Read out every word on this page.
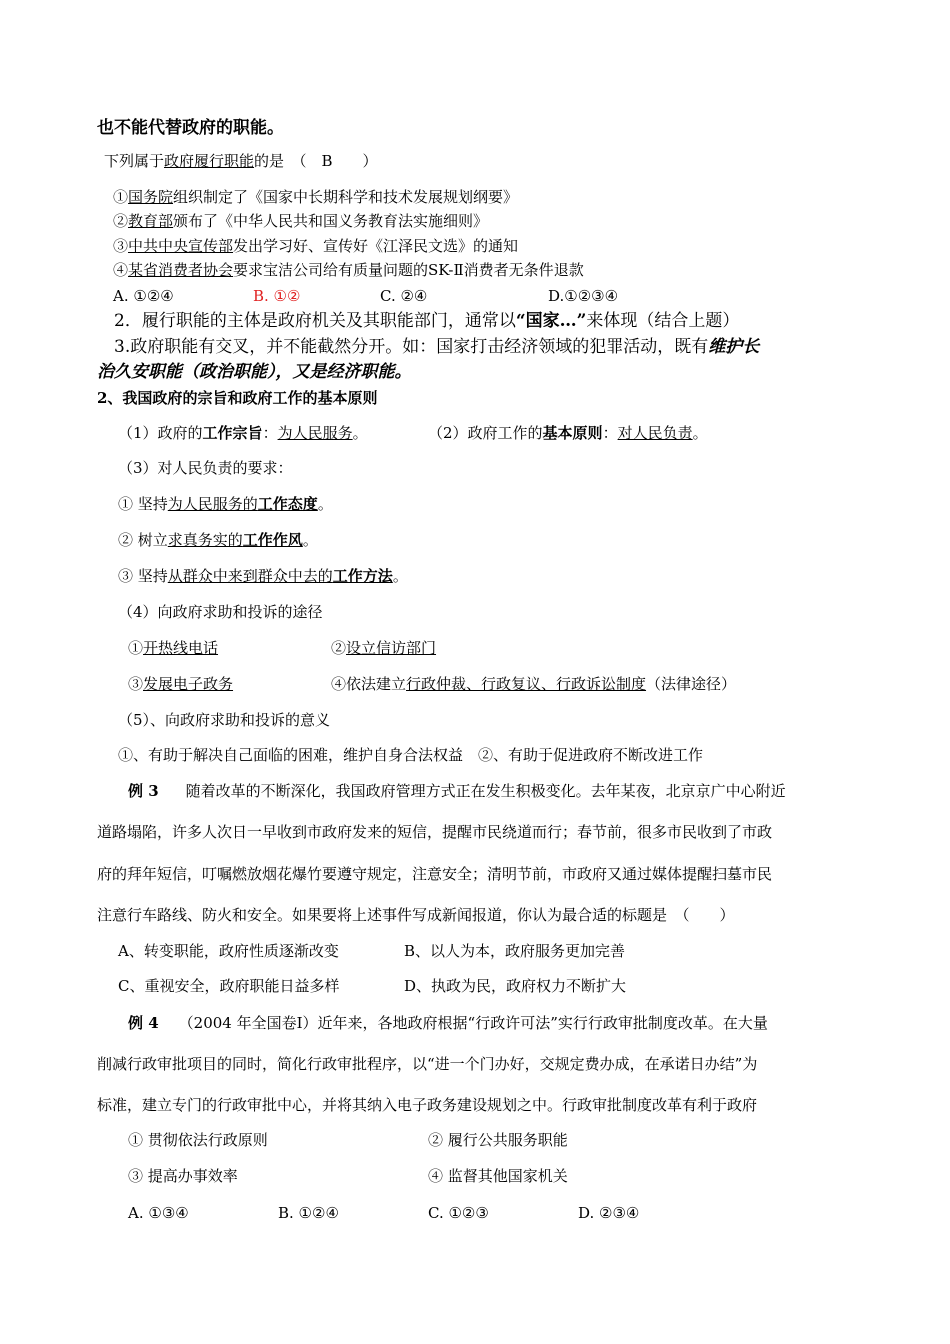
也不能代替政府的职能。
下列属于政府履行职能的是　（　B　　）
①国务院组织制定了《国家中长期科学和技术发展规划纲要》
②教育部颁布了《中华人民共和国义务教育法实施细则》
③中共中央宣传部发出学习好、宣传好《江泽民文选》的通知
④某省消费者协会要求宝洁公司给有质量问题的SK-Ⅱ消费者无条件退款
A. ①②④	B. ①②	C. ②④	D.①②③④
2．履行职能的主体是政府机关及其职能部门，通常以“国家…”来体现（结合上题）
3.政府职能有交叉，并不能截然分开。如：国家打击经济领域的犯罪活动，既有维护长
治久安职能（政治职能），又是经济职能。
2、我国政府的宗旨和政府工作的基本原则
（1）政府的工作宗旨：为人民服务。	（2）政府工作的基本原则：对人民负责。
（3）对人民负责的要求：
① 坚持为人民服务的工作态度。
② 树立求真务实的工作作风。
③ 坚持从群众中来到群众中去的工作方法。
（4）向政府求助和投诉的途径
①开热线电话	②设立信访部门
③发展电子政务	④依法建立行政仲裁、行政复议、行政诉讼制度（法律途径）
（5）、向政府求助和投诉的意义
①、有助于解决自己面临的困难，维护自身合法权益　②、有助于促进政府不断改进工作
例 3 随着改革的不断深化，我国政府管理方式正在发生积极变化。去年某夜，北京京广中心附近
道路塌陷，许多人次日一早收到市政府发来的短信，提醒市民绕道而行；春节前，很多市民收到了市政
府的拜年短信，叮嘱燃放烟花爆竹要遵守规定，注意安全；清明节前，市政府又通过媒体提醒扫墓市民
注意行车路线、防火和安全。如果要将上述事件写成新闻报道，你认为最合适的标题是　（　　）
A、转变职能，政府性质逐渐改变	B、以人为本，政府服务更加完善
C、重视安全，政府职能日益多样	D、执政为民，政府权力不断扩大
例 4 （2004 年全国卷Ⅰ）近年来，各地政府根据“行政许可法”实行行政审批制度改革。在大量
削减行政审批项目的同时，简化行政审批程序，以“进一个门办好，交规定费办成，在承诺日办结”为
标准，建立专门的行政审批中心，并将其纳入电子政务建设规划之中。行政审批制度改革有利于政府
① 贯彻依法行政原则	② 履行公共服务职能
③ 提高办事效率	④ 监督其他国家机关
A. ①③④	B. ①②④	C. ①②③	D. ②③④
